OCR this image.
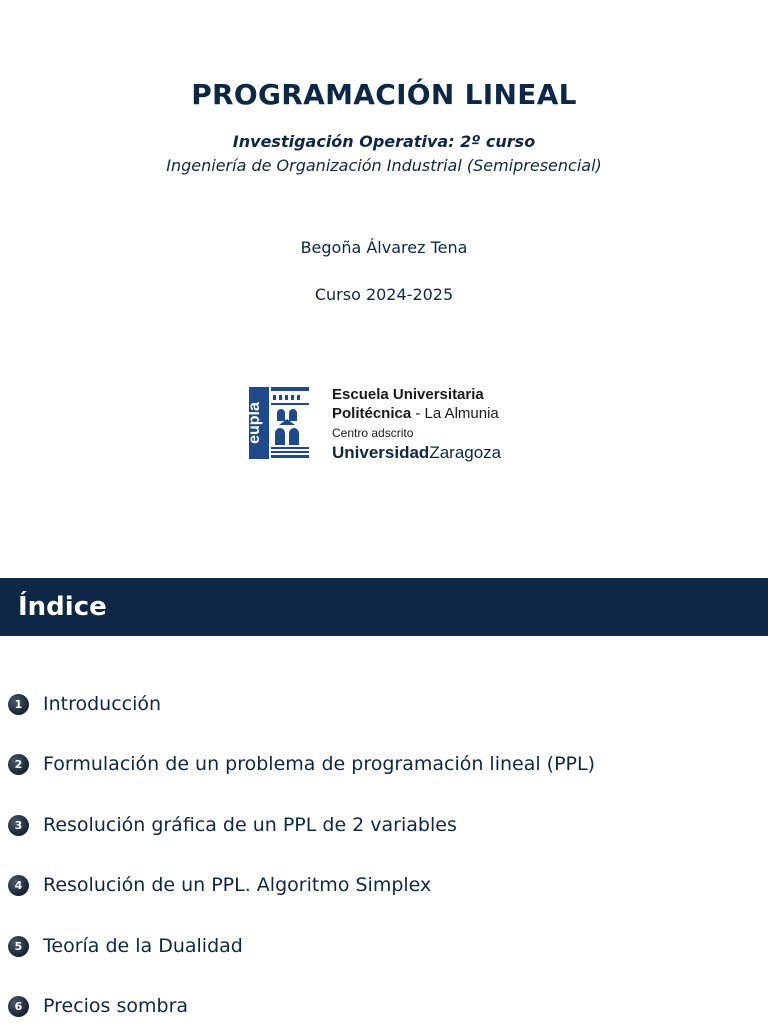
PROGRAMACIÓN LINEAL
Investigación Operativa: 2º curso
Ingeniería de Organización Industrial (Semipresencial)
Begoña Álvarez Tena
Curso 2024-2025
eupla
Escuela Universitaria
Politécnica - La Almunia
Centro adscrito
UniversidadZaragoza
Índice
1	Introducción
2	Formulación de un problema de programación lineal (PPL)
3	Resolución gráfica de un PPL de 2 variables
4	Resolución de un PPL. Algoritmo Simplex
5	Teoría de la Dualidad
6	Precios sombra
